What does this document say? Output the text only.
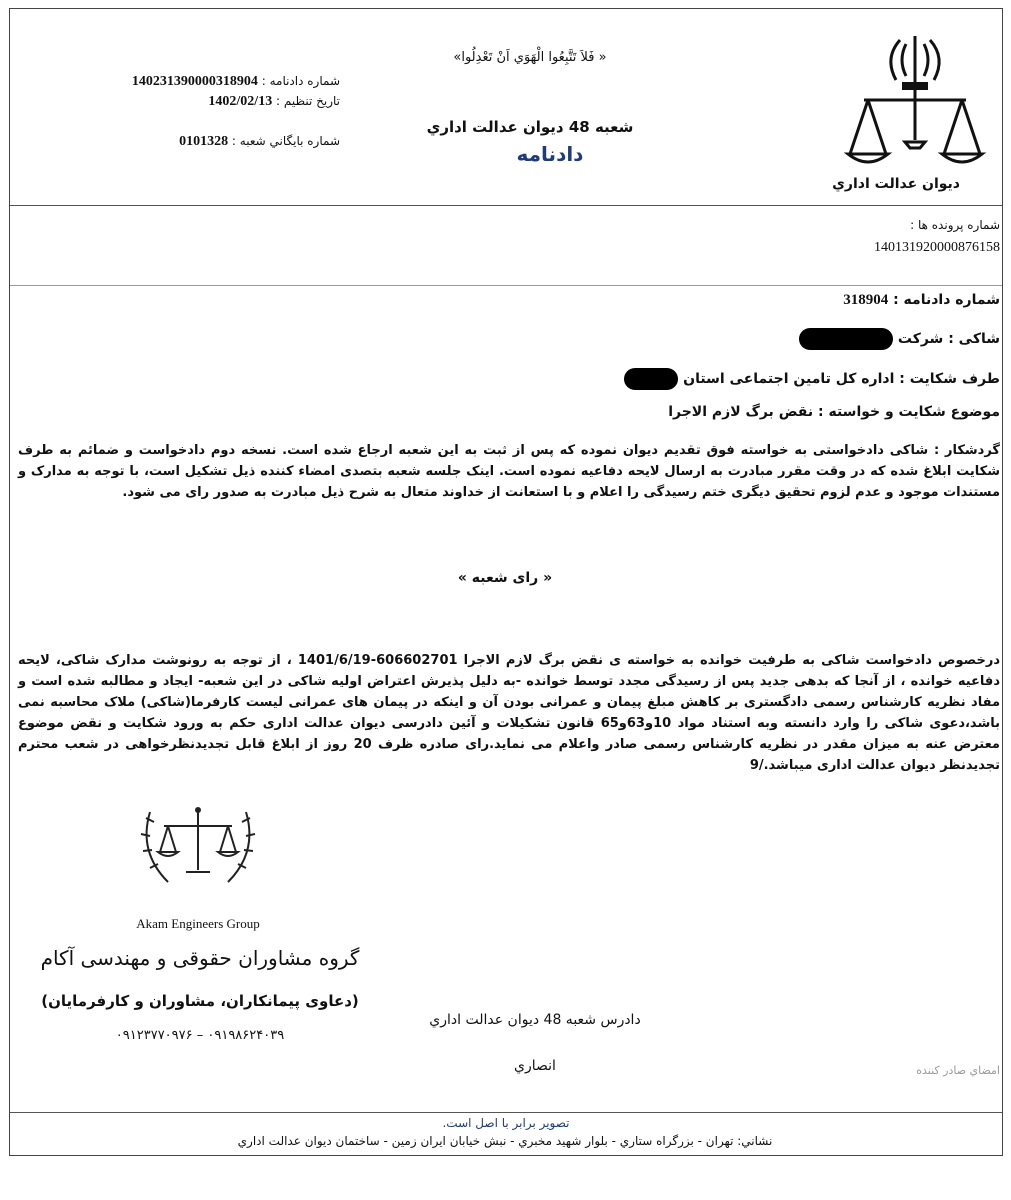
ديوان عدالت اداري
«فَلاَ تَتَّبِعُوا الْهَوَي اَنْ تَعْدِلُوا »
شعبه 48 ديوان عدالت اداري
دادنامه
شماره دادنامه : 140231390000318904
تاريخ تنظيم : 1402/02/13
شماره بايگاني شعبه : 0101328
شماره پرونده ها :
140131920000876158
شماره دادنامه : 318904
شاکی : شرکت
طرف شکایت : اداره کل تامین اجتماعی استان
موضوع شکایت و خواسته : نقض برگ لازم الاجرا
گردشکار : شاکی دادخواستی به خواسته فوق تقدیم دیوان نموده که پس از ثبت به این شعبه ارجاع شده است. نسخه دوم دادخواست و ضمائم به طرف شکایت ابلاغ شده که در وقت مقرر مبادرت به ارسال لایحه دفاعیه نموده است. اینک جلسه شعبه بتصدی امضاء کننده ذیل تشکیل است، با توجه به مدارک و مستندات موجود و عدم لزوم تحقیق دیگری ختم رسیدگی را اعلام و با استعانت از خداوند متعال به شرح ذیل مبادرت به صدور رای می شود.
« رای شعبه »
درخصوص دادخواست شاکی به طرفیت خوانده به خواسته ی نقض برگ لازم الاجرا 606602701-1401/6/19 ، از توجه به رونوشت مدارک شاکی، لایحه دفاعیه خوانده ، از آنجا که بدهی جدید پس از رسیدگی مجدد توسط خوانده -به دلیل پذیرش اعتراض اولیه شاکی در این شعبه- ایجاد و مطالبه شده است و مفاد نظریه کارشناس رسمی دادگستری بر کاهش مبلغ پیمان و عمرانی بودن آن و اینکه در پیمان های عمرانی لیست کارفرما(شاکی) ملاک محاسبه نمی باشد،دعوی شاکی را وارد دانسته وبه استناد مواد 10و63و65 قانون تشکیلات و آئین دادرسی دیوان عدالت اداری حکم به ورود شکایت و نقض موضوع معترض عنه به میزان مقدر در نظریه کارشناس رسمی صادر واعلام می نماید.رای صادره ظرف 20 روز از ابلاغ قابل تجدیدنظرخواهی در شعب محترم تجدیدنظر دیوان عدالت اداری میباشد./9
Akam Engineers Group
گروه مشاوران حقوقی و مهندسی آکام
(دعاوی پیمانکاران، مشاوران و کارفرمایان)
۰۹۱۹۸۶۲۴۰۳۹ – ۰۹۱۲۳۷۷۰۹۷۶
دادرس شعبه 48 ديوان عدالت اداري
انصاري	امضاي صادر كننده
تصوير برابر با اصل است.
نشاني: تهران - بزرگراه ستاري - بلوار شهيد مخبري - نبش خيابان ايران زمين - ساختمان ديوان عدالت اداري
